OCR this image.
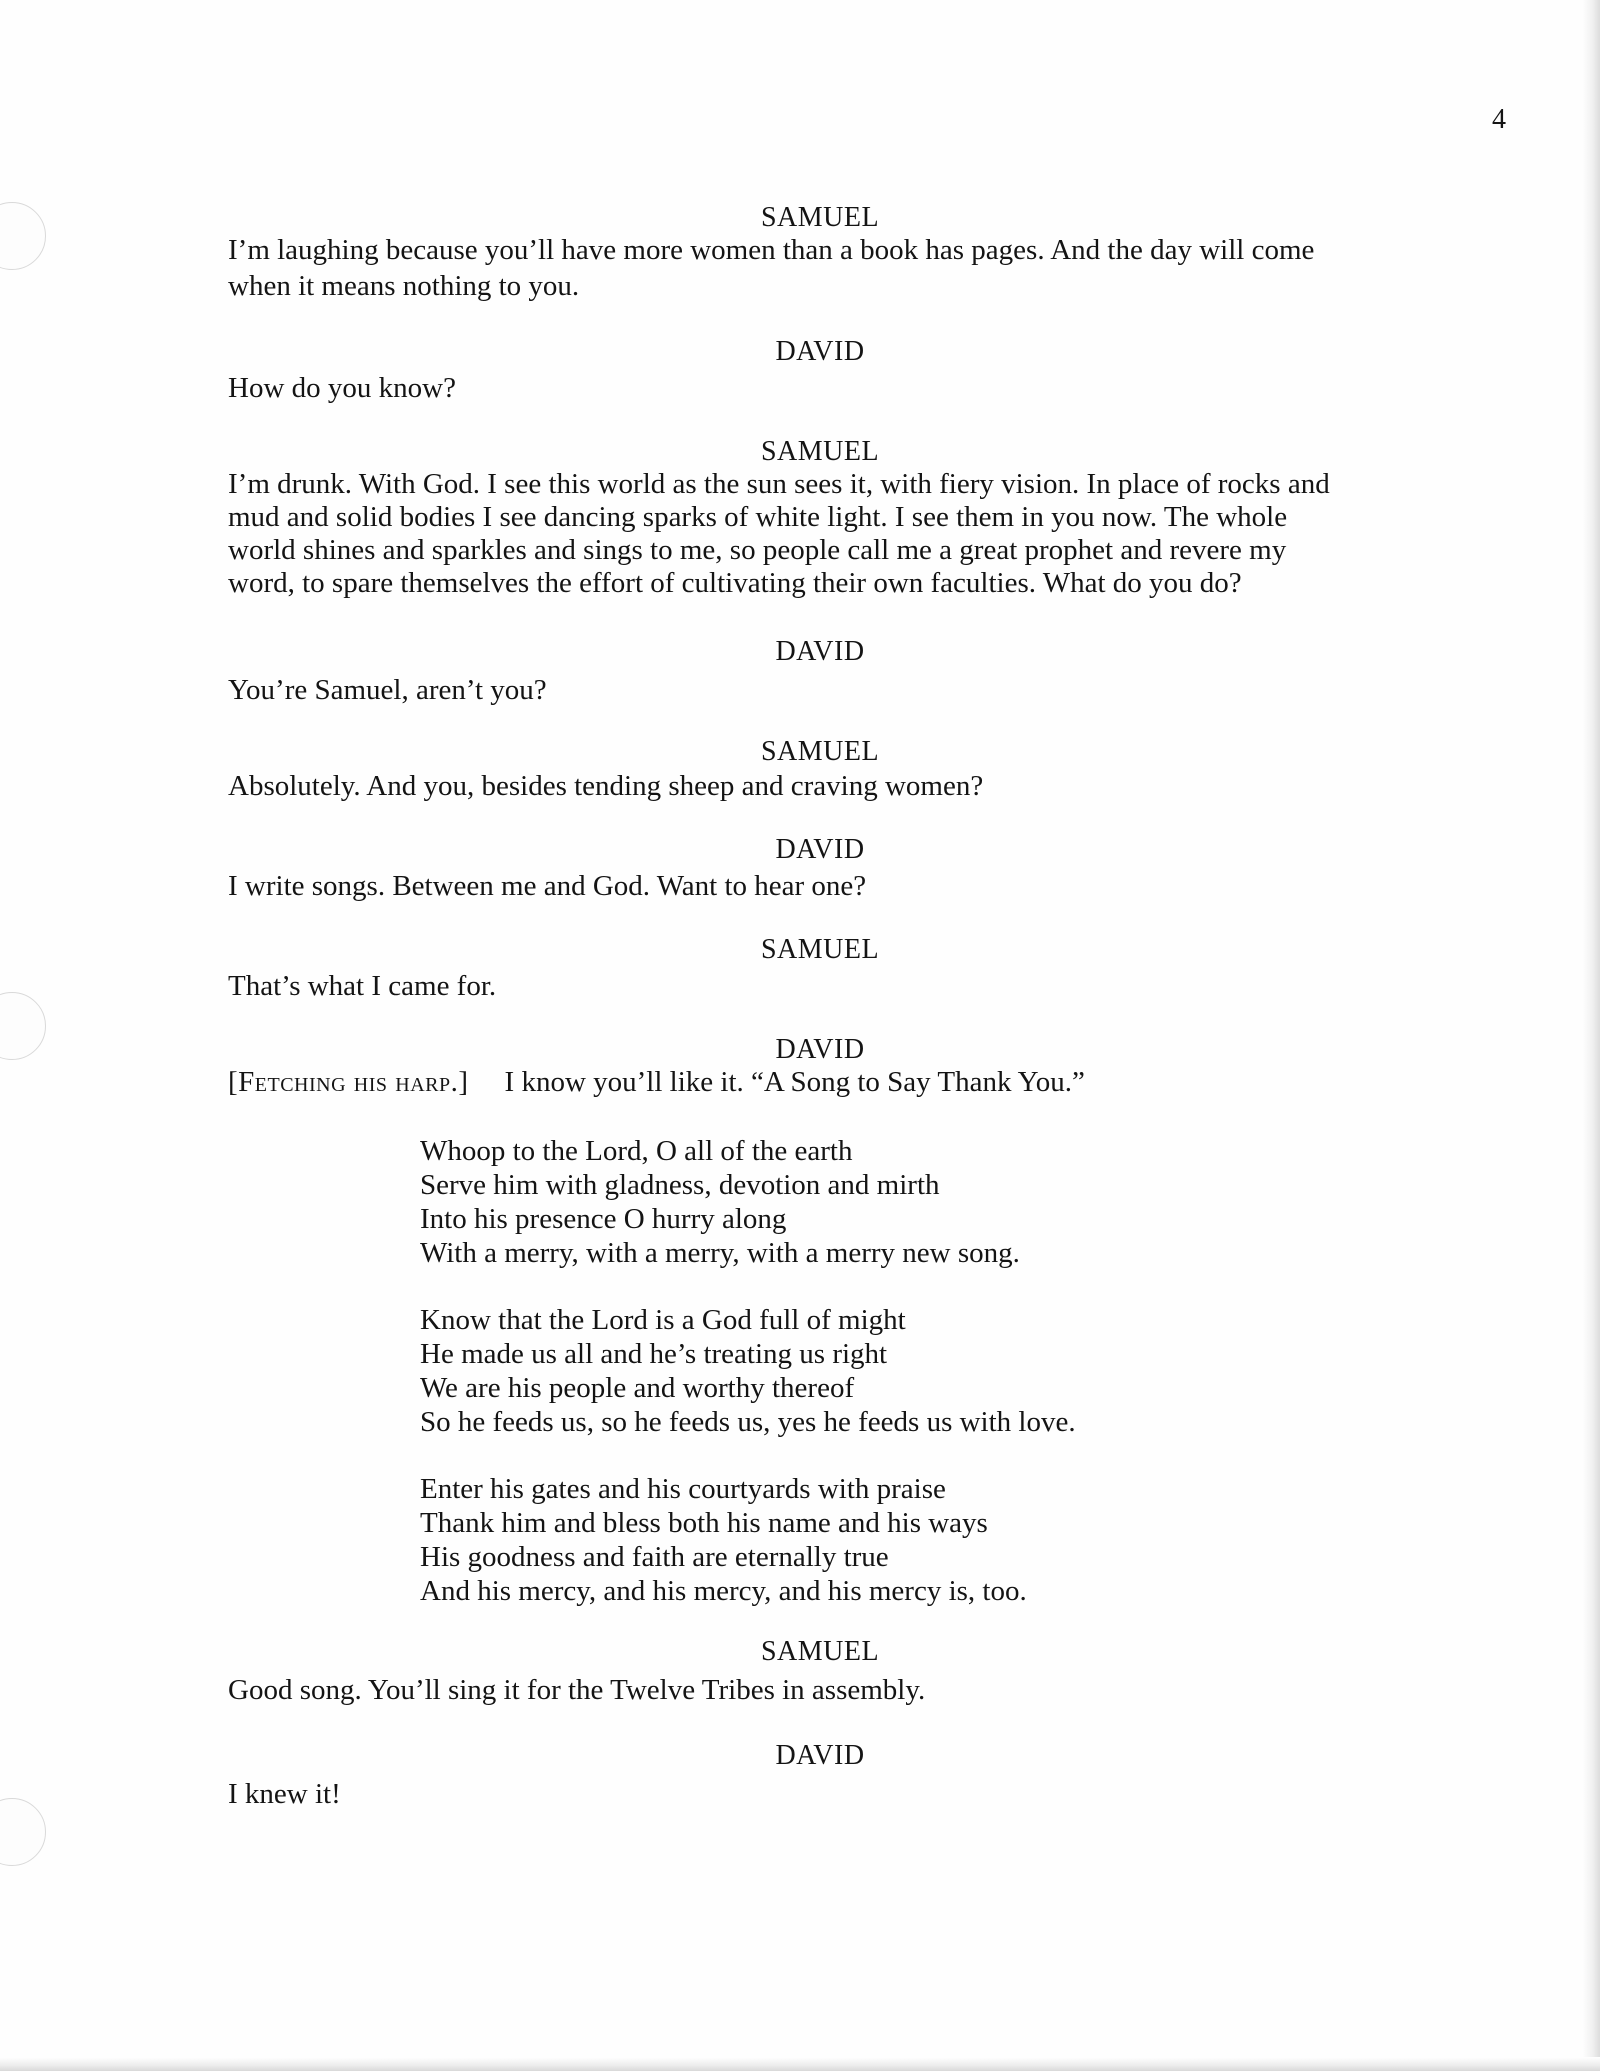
4
SAMUEL
I’m laughing because you’ll have more women than a book has pages. And the day will come
when it means nothing to you.
DAVID
How do you know?
SAMUEL
I’m drunk. With God. I see this world as the sun sees it, with fiery vision. In place of rocks and
mud and solid bodies I see dancing sparks of white light. I see them in you now. The whole
world shines and sparkles and sings to me, so people call me a great prophet and revere my
word, to spare themselves the effort of cultivating their own faculties. What do you do?
DAVID
You’re Samuel, aren’t you?
SAMUEL
Absolutely. And you, besides tending sheep and craving women?
DAVID
I write songs. Between me and God. Want to hear one?
SAMUEL
That’s what I came for.
DAVID
[Fetching his harp.] I know you’ll like it. “A Song to Say Thank You.”
Whoop to the Lord, O all of the earth
Serve him with gladness, devotion and mirth
Into his presence O hurry along
With a merry, with a merry, with a merry new song.
Know that the Lord is a God full of might
He made us all and he’s treating us right
We are his people and worthy thereof
So he feeds us, so he feeds us, yes he feeds us with love.
Enter his gates and his courtyards with praise
Thank him and bless both his name and his ways
His goodness and faith are eternally true
And his mercy, and his mercy, and his mercy is, too.
SAMUEL
Good song. You’ll sing it for the Twelve Tribes in assembly.
DAVID
I knew it!
